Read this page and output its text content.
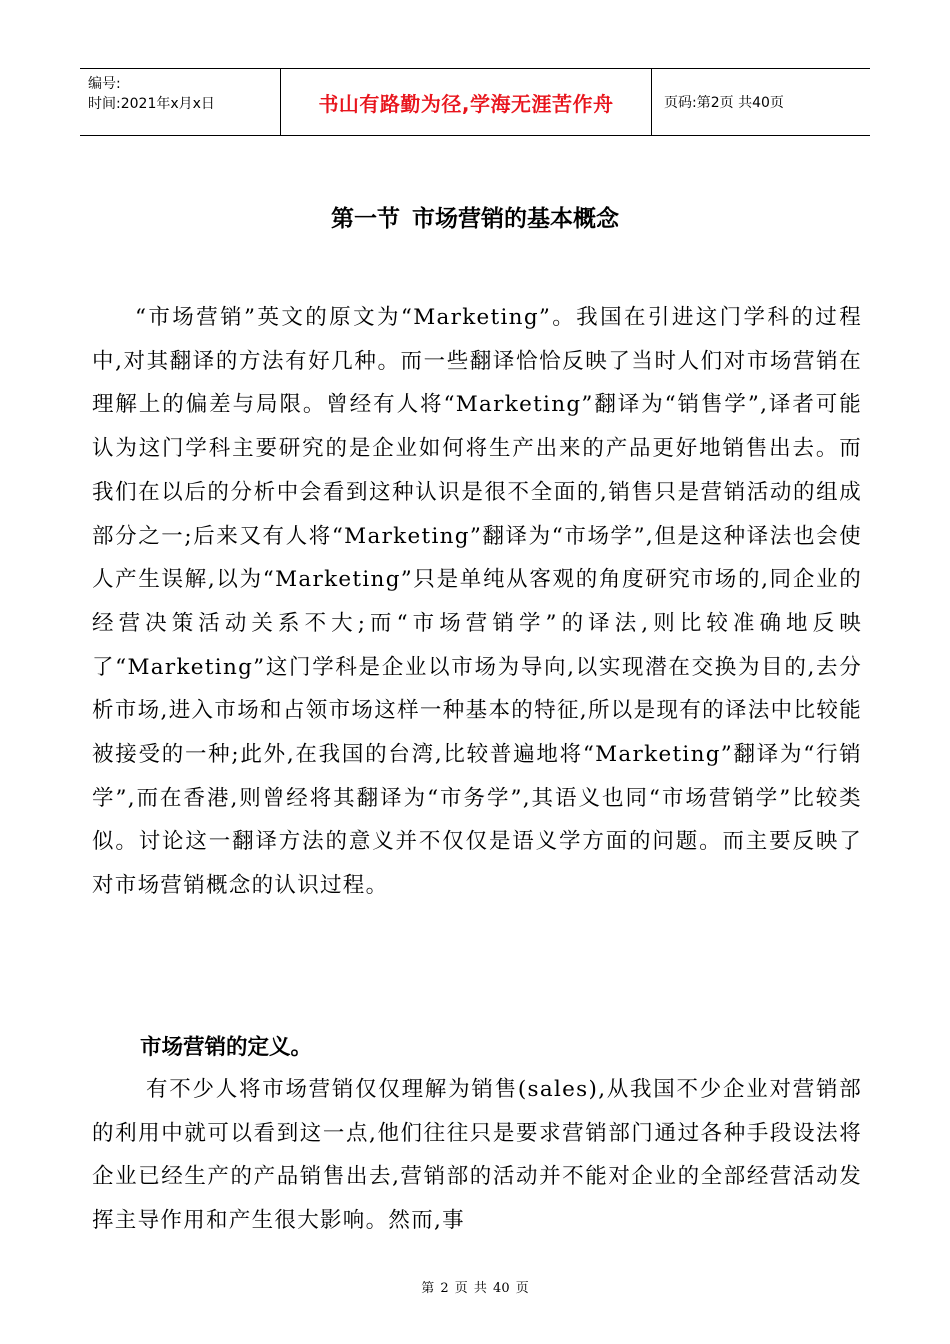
编号:
时间:2021年x月x日	书山有路勤为径,学海无涯苦作舟	页码:第2页 共40页
第一节 市场营销的基本概念

“市场营销”英文的原文为“Marketing”。我国在引进这门学科的过程中,对其翻译的方法有好几种。而一些翻译恰恰反映了当时人们对市场营销在理解上的偏差与局限。曾经有人将“Marketing”翻译为“销售学”,译者可能认为这门学科主要研究的是企业如何将生产出来的产品更好地销售出去。而我们在以后的分析中会看到这种认识是很不全面的,销售只是营销活动的组成部分之一;后来又有人将“Marketing”翻译为“市场学”,但是这种译法也会使人产生误解,以为“Marketing”只是单纯从客观的角度研究市场的,同企业的经营决策活动关系不大;而“市场营销学”的译法,则比较准确地反映了“Marketing”这门学科是企业以市场为导向,以实现潜在交换为目的,去分析市场,进入市场和占领市场这样一种基本的特征,所以是现有的译法中比较能被接受的一种;此外,在我国的台湾,比较普遍地将“Marketing”翻译为“行销学”,而在香港,则曾经将其翻译为“市务学”,其语义也同“市场营销学”比较类似。讨论这一翻译方法的意义并不仅仅是语义学方面的问题。而主要反映了对市场营销概念的认识过程。

市场营销的定义。

有不少人将市场营销仅仅理解为销售(sales),从我国不少企业对营销部的利用中就可以看到这一点,他们往往只是要求营销部门通过各种手段设法将企业已经生产的产品销售出去,营销部的活动并不能对企业的全部经营活动发挥主导作用和产生很大影响。然而,事

第 2 页 共 40 页
